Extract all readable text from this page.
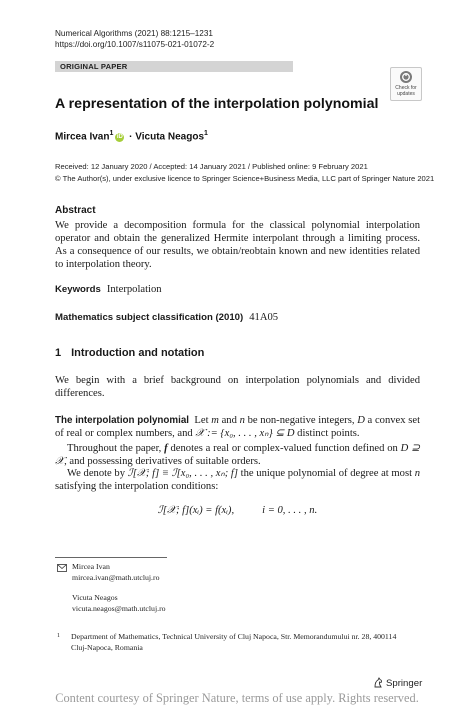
Numerical Algorithms (2021) 88:1215–1231
https://doi.org/10.1007/s11075-021-01072-2
ORIGINAL PAPER
Check for updates
A representation of the interpolation polynomial
Mircea Ivan$^1$iD · Vicuta Neagos$^1$
Received: 12 January 2020 / Accepted: 14 January 2021 / Published online: 9 February 2021
© The Author(s), under exclusive licence to Springer Science+Business Media, LLC part of Springer Nature 2021
Abstract
We provide a decomposition formula for the classical polynomial interpolation operator and obtain the generalized Hermite interpolant through a limiting process. As a consequence of our results, we obtain/reobtain known and new identities related to interpolation theory.
Keywords Interpolation
Mathematics subject classification (2010) 41A05
1 Introduction and notation
We begin with a brief background on interpolation polynomials and divided differences.
The interpolation polynomial Let m and n be non-negative integers, D a convex set of real or complex numbers, and 𝒳 := {x₀, . . . , xₙ} ⊆ D distinct points.
Throughout the paper, f denotes a real or complex-valued function defined on D ⊇ 𝒳, and possessing derivatives of suitable orders.
We denote by ℐ[𝒳; f] ≡ ℐ[x₀, . . . , xₙ; f] the unique polynomial of degree at most n satisfying the interpolation conditions:
ℐ[𝒳; f](xᵢ) = f(xᵢ),	i = 0, . . . , n.
Mircea Ivan
mircea.ivan@math.utcluj.ro
Vicuta Neagos
vicuta.neagos@math.utcluj.ro
1 Department of Mathematics, Technical University of Cluj Napoca, Str. Memorandumului nr. 28, 400114 Cluj-Napoca, Romania
Springer
Content courtesy of Springer Nature, terms of use apply. Rights reserved.
